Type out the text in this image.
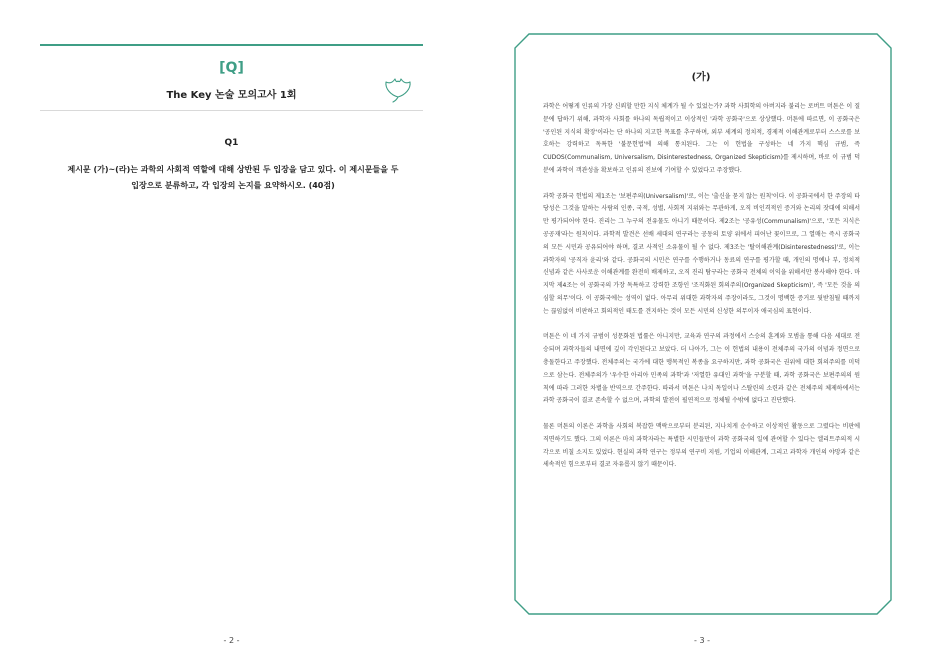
[Q]
The Key 논술 모의고사 1회
Q1
제시문 (가)~(라)는 과학의 사회적 역할에 대해 상반된 두 입장을 담고 있다. 이 제시문들을 두
입장으로 분류하고, 각 입장의 논지를 요약하시오. (40점)
- 2 -
(가)

과학은 어떻게 인류의 가장 신뢰할 만한 지식 체계가 될 수 있었는가? 과학 사회학의 아버지라 불리는 로버트 머튼은 이 질문에 답하기 위해, 과학자 사회를 하나의 독립적이고 이상적인 '과학 공화국'으로 상상했다. 머튼에 따르면, 이 공화국은 '공인된 지식의 확장'이라는 단 하나의 지고한 목표를 추구하며, 외부 세계의 정치적, 경제적 이해관계로부터 스스로를 보호하는 강력하고 독특한 '불문헌법'에 의해 통치된다. 그는 이 헌법을 구성하는 네 가지 핵심 규범, 즉 CUDOS(Communalism, Universalism, Disinterestedness, Organized Skepticism)를 제시하며, 바로 이 규범 덕분에 과학이 객관성을 확보하고 인류의 진보에 기여할 수 있었다고 주장했다.

과학 공화국 헌법의 제1조는 '보편주의(Universalism)'로, 이는 '출신을 묻지 않는 원칙'이다. 이 공화국에서 한 주장의 타당성은 그것을 말하는 사람의 인종, 국적, 성별, 사회적 지위와는 무관하게, 오직 비인격적인 증거와 논리의 잣대에 의해서만 평가되어야 한다. 진리는 그 누구의 전유물도 아니기 때문이다. 제2조는 '공유성(Communalism)'으로, '모든 지식은 공공재'라는 원칙이다. 과학적 발견은 선배 세대의 연구라는 공동의 토양 위에서 피어난 꽃이므로, 그 열매는 즉시 공화국의 모든 시민과 공유되어야 하며, 결코 사적인 소유물이 될 수 없다. 제3조는 '탈이해관계(Disinterestedness)'로, 이는 과학자의 '공직자 윤리'와 같다. 공화국의 시민은 연구를 수행하거나 동료의 연구를 평가할 때, 개인의 명예나 부, 정치적 신념과 같은 사사로운 이해관계를 완전히 배제하고, 오직 진리 탐구라는 공화국 전체의 이익을 위해서만 봉사해야 한다. 마지막 제4조는 이 공화국의 가장 독특하고 강력한 조항인 '조직화된 회의주의(Organized Skepticism)', 즉 '모든 것을 의심할 의무'이다. 이 공화국에는 성역이 없다. 아무리 위대한 과학자의 주장이라도, 그것이 명백한 증거로 뒷받침될 때까지는 끊임없이 비판하고 회의적인 태도를 견지하는 것이 모든 시민의 신성한 의무이자 애국심의 표현이다.

머튼은 이 네 가지 규범이 성문화된 법률은 아니지만, 교육과 연구의 과정에서 스승의 훈계와 모범을 통해 다음 세대로 전승되며 과학자들의 내면에 깊이 각인된다고 보았다. 더 나아가, 그는 이 헌법의 내용이 전체주의 국가의 이념과 정면으로 충돌한다고 주장했다. 전체주의는 국가에 대한 맹목적인 복종을 요구하지만, 과학 공화국은 권위에 대한 회의주의를 미덕으로 삼는다. 전체주의가 '우수한 아리아 민족의 과학'과 '저열한 유대인 과학'을 구분할 때, 과학 공화국은 보편주의의 원칙에 따라 그러한 차별을 반역으로 간주한다. 따라서 머튼은 나치 독일이나 스탈린의 소련과 같은 전체주의 체제하에서는 과학 공화국이 결코 존속할 수 없으며, 과학의 발전이 필연적으로 정체될 수밖에 없다고 진단했다.

물론 머튼의 이론은 과학을 사회의 복잡한 맥락으로부터 분리된, 지나치게 순수하고 이상적인 활동으로 그렸다는 비판에 직면하기도 했다. 그의 이론은 마치 과학자라는 특별한 시민들만이 과학 공화국의 일에 관여할 수 있다는 엘리트주의적 시각으로 비칠 소지도 있었다. 현실의 과학 연구는 정부의 연구비 지원, 기업의 이해관계, 그리고 과학자 개인의 야망과 같은 세속적인 힘으로부터 결코 자유롭지 않기 때문이다.

- 3 -
